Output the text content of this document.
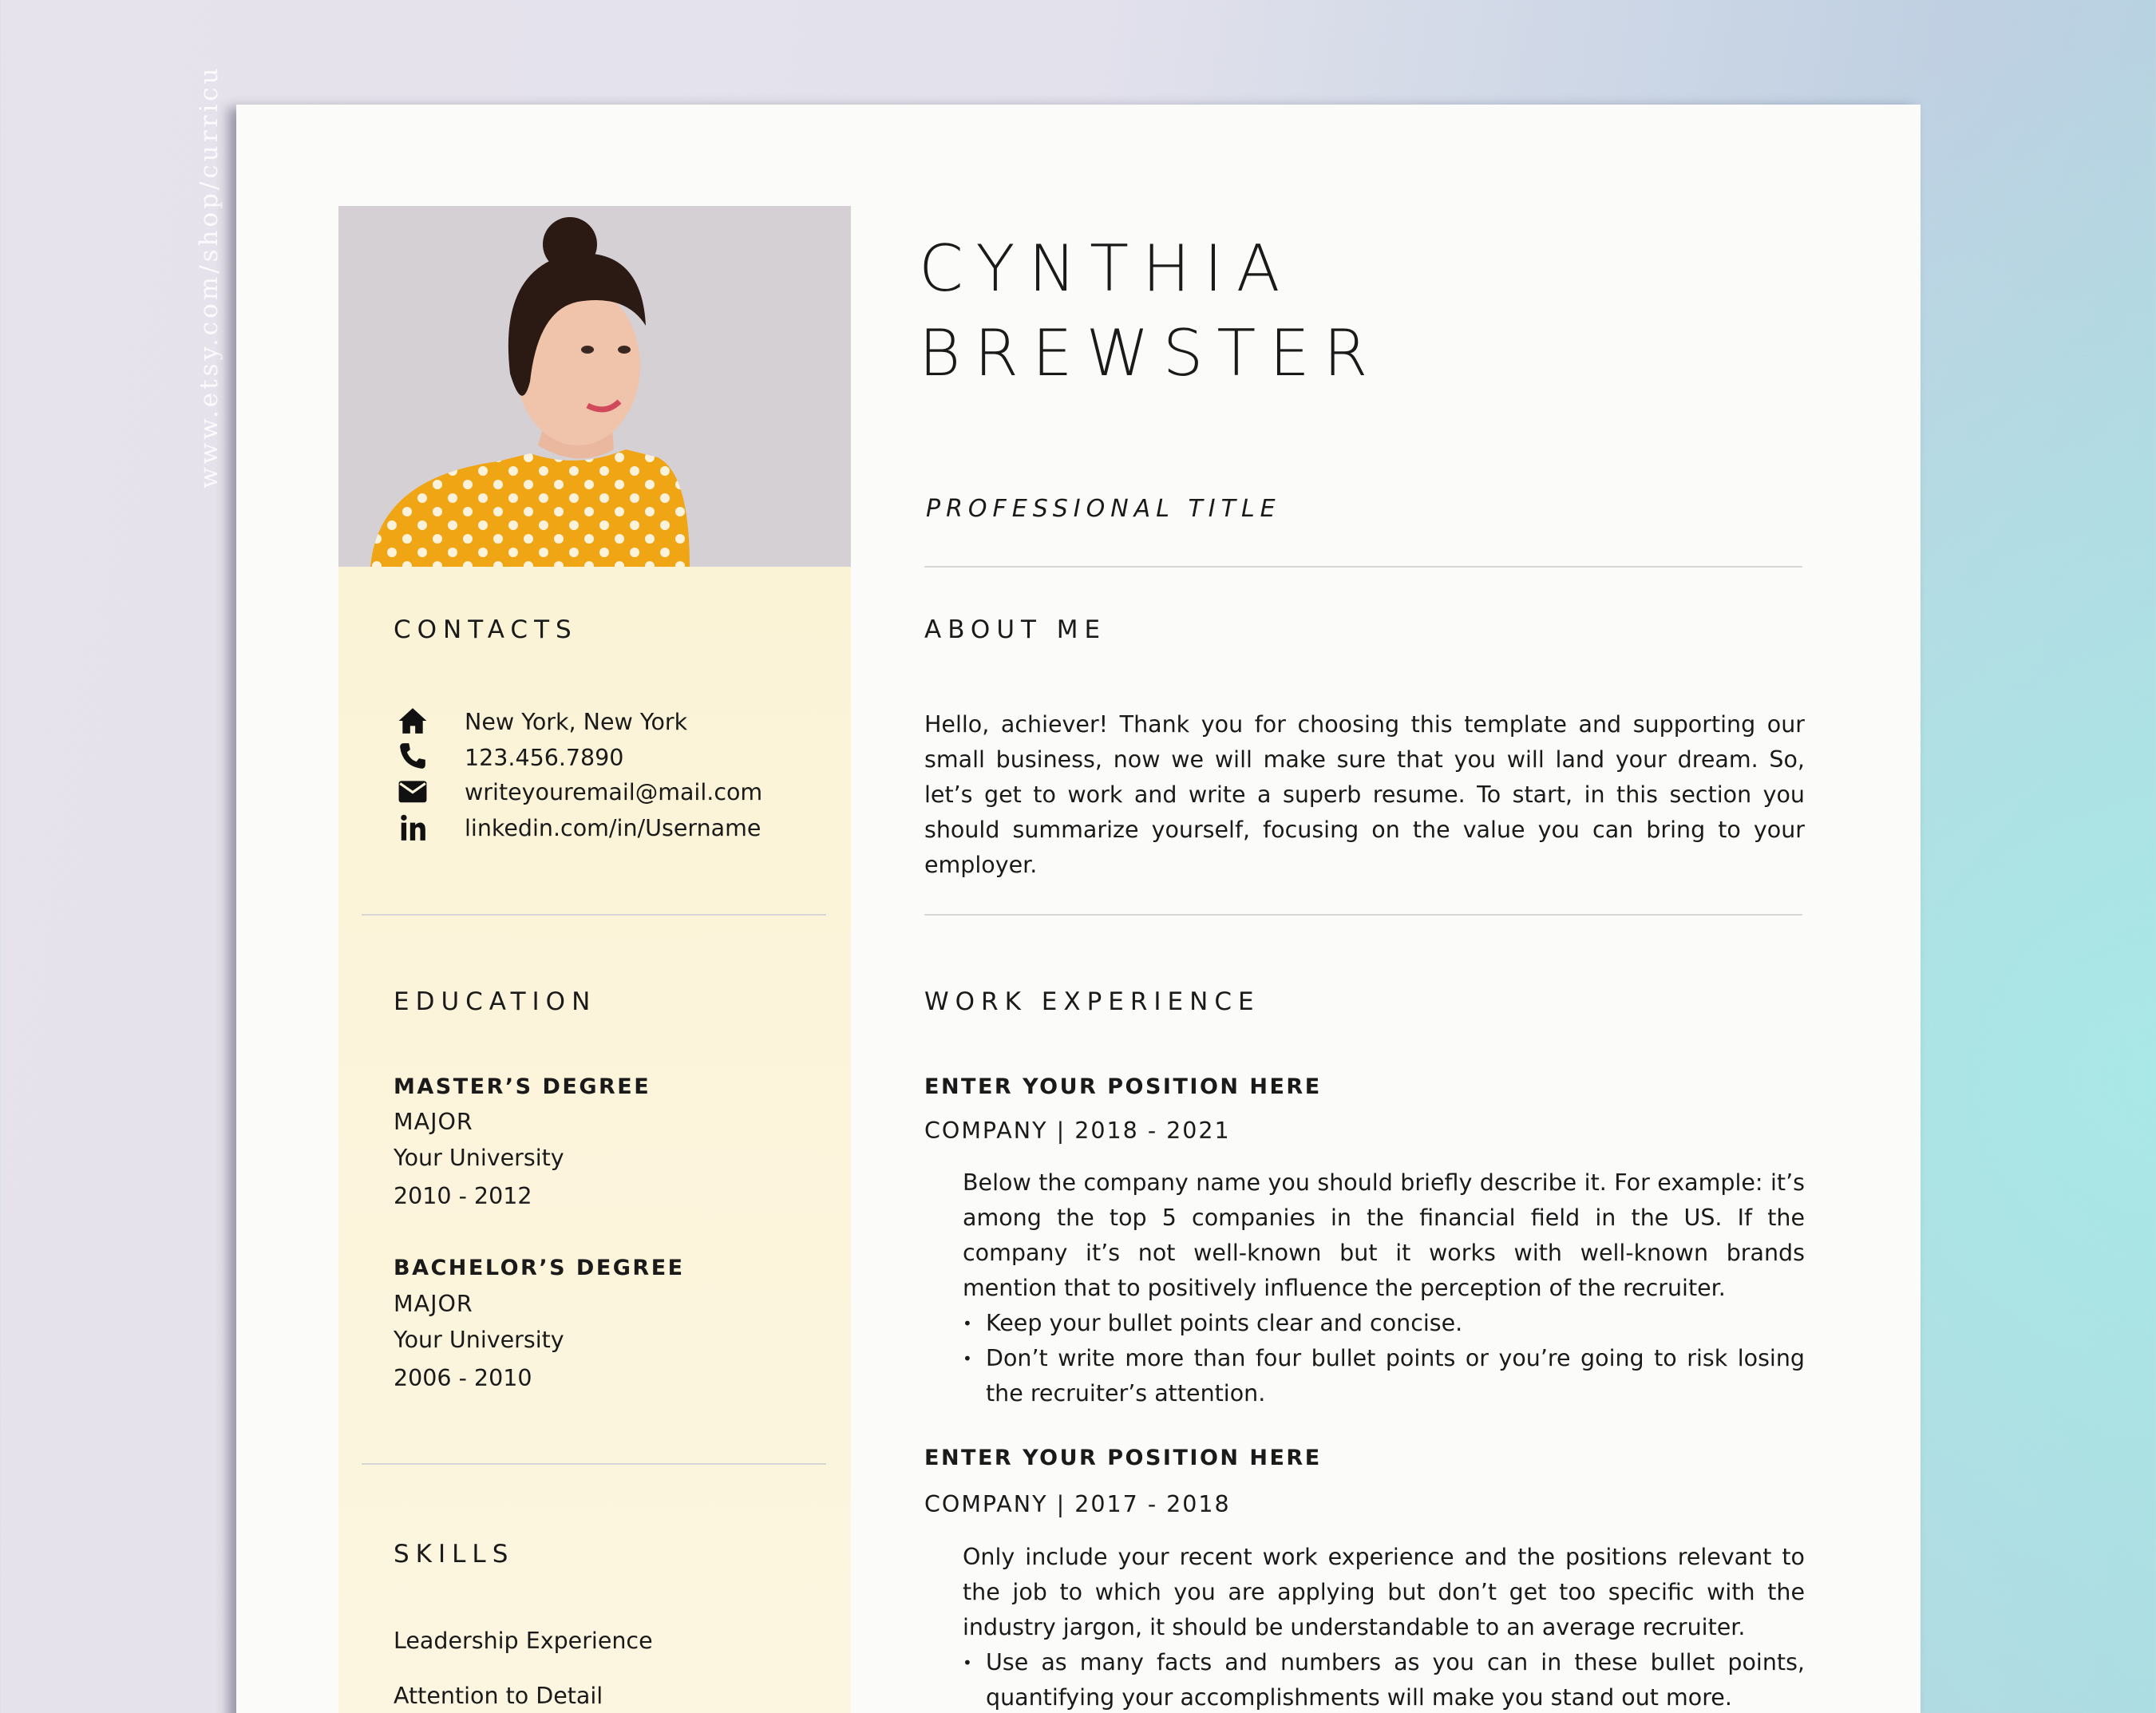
www.etsy.com/shop/curricu	CYNTHIA
BREWSTER
PROFESSIONAL TITLE
CONTACTS
New York, New York
123.456.7890
writeyouremail@mail.com
linkedin.com/in/Username
EDUCATION
MASTER’S DEGREE
MAJOR
Your University
2010 - 2012
BACHELOR’S DEGREE
MAJOR
Your University
2006 - 2010
SKILLS
Leadership Experience
Attention to Detail
ABOUT ME
Hello, achiever! Thank you for choosing this template and supporting our small business, now we will make sure that you will land your dream. So, let’s get to work and write a superb resume. To start, in this section you should summarize yourself, focusing on the value you can bring to your employer.
WORK EXPERIENCE
ENTER YOUR POSITION HERE
COMPANY | 2018 - 2021
Below the company name you should briefly describe it. For example: it’s among the top 5 companies in the financial field in the US. If the company it’s not well-known but it works with well-known brands mention that to positively influence the perception of the recruiter.
• Keep your bullet points clear and concise.
• Don’t write more than four bullet points or you’re going to risk losing the recruiter’s attention.
ENTER YOUR POSITION HERE
COMPANY | 2017 - 2018
Only include your recent work experience and the positions relevant to the job to which you are applying but don’t get too specific with the industry jargon, it should be understandable to an average recruiter.
• Use as many facts and numbers as you can in these bullet points, quantifying your accomplishments will make you stand out more.
